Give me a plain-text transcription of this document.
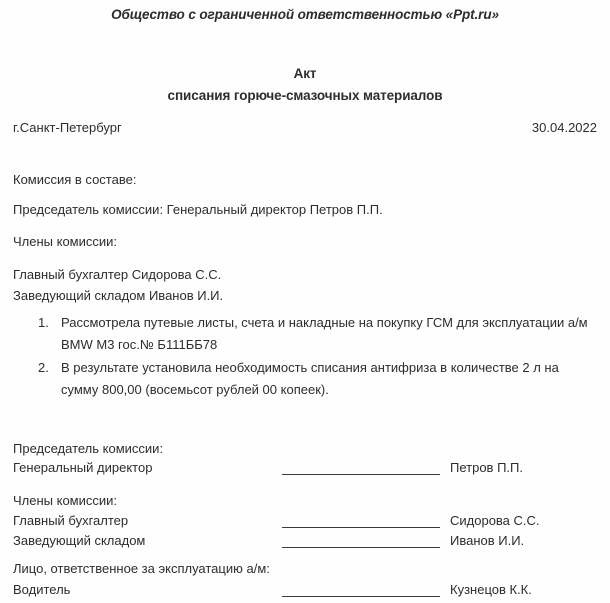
Общество с ограниченной ответственностью «Ppt.ru»
Акт
списания горюче-смазочных материалов
г.Санкт-Петербург	30.04.2022
Комиссия в составе:
Председатель комиссии: Генеральный директор Петров П.П.
Члены комиссии:
Главный бухгалтер Сидорова С.С.
Заведующий складом Иванов И.И.
1. Рассмотрела путевые листы, счета и накладные на покупку ГСМ для эксплуатации а/м BMW M3 гос.№ Б111ББ78
2. В результате установила необходимость списания антифриза в количестве 2 л на сумму 800,00 (восемьсот рублей 00 копеек).
Председатель комиссии:
Генеральный директор	Петров П.П.
Члены комиссии:
Главный бухгалтер	Сидорова С.С.
Заведующий складом	Иванов И.И.
Лицо, ответственное за эксплуатацию а/м:
Водитель	Кузнецов К.К.
